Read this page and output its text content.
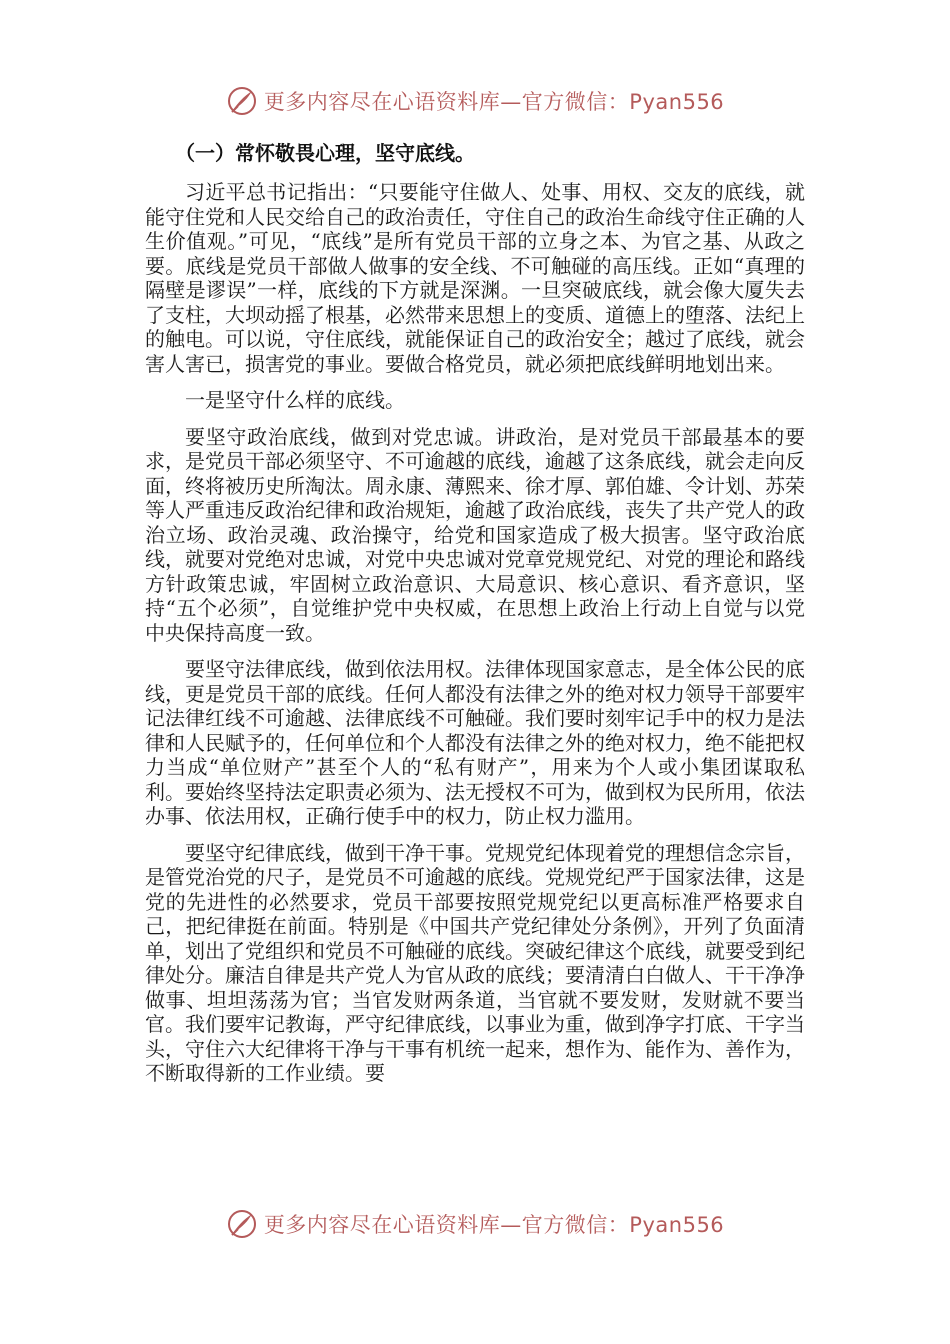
更多内容尽在心语资料库—官方微信：Pyan556
（一）常怀敬畏心理，坚守底线。

习近平总书记指出：“只要能守住做人、处事、用权、交友的底线，就能守住党和人民交给自己的政治责任，守住自己的政治生命线守住正确的人生价值观。”可见，“底线”是所有党员干部的立身之本、为官之基、从政之要。底线是党员干部做人做事的安全线、不可触碰的高压线。正如“真理的隔壁是谬误”一样，底线的下方就是深渊。一旦突破底线，就会像大厦失去了支柱，大坝动摇了根基，必然带来思想上的变质、道德上的堕落、法纪上的触电。可以说，守住底线，就能保证自己的政治安全；越过了底线，就会害人害已，损害党的事业。要做合格党员，就必须把底线鲜明地划出来。

一是坚守什么样的底线。

要坚守政治底线，做到对党忠诚。讲政治，是对党员干部最基本的要求，是党员干部必须坚守、不可逾越的底线，逾越了这条底线，就会走向反面，终将被历史所淘汰。周永康、薄熙来、徐才厚、郭伯雄、令计划、苏荣等人严重违反政治纪律和政治规矩，逾越了政治底线，丧失了共产党人的政治立场、政治灵魂、政治操守，给党和国家造成了极大损害。坚守政治底线，就要对党绝对忠诚，对党中央忠诚对党章党规党纪、对党的理论和路线方针政策忠诚，牢固树立政治意识、大局意识、核心意识、看齐意识，坚持“五个必须”，自觉维护党中央权威，在思想上政治上行动上自觉与以党中央保持高度一致。

要坚守法律底线，做到依法用权。法律体现国家意志，是全体公民的底线，更是党员干部的底线。任何人都没有法律之外的绝对权力领导干部要牢记法律红线不可逾越、法律底线不可触碰。我们要时刻牢记手中的权力是法律和人民赋予的，任何单位和个人都没有法律之外的绝对权力，绝不能把权力当成“单位财产”甚至个人的“私有财产”，用来为个人或小集团谋取私利。要始终坚持法定职责必须为、法无授权不可为，做到权为民所用，依法办事、依法用权，正确行使手中的权力，防止权力滥用。

要坚守纪律底线，做到干净干事。党规党纪体现着党的理想信念宗旨，是管党治党的尺子，是党员不可逾越的底线。党规党纪严于国家法律，这是党的先进性的必然要求，党员干部要按照党规党纪以更高标准严格要求自己，把纪律挺在前面。特别是《中国共产党纪律处分条例》，开列了负面清单，划出了党组织和党员不可触碰的底线。突破纪律这个底线，就要受到纪律处分。廉洁自律是共产党人为官从政的底线；要清清白白做人、干干净净做事、坦坦荡荡为官；当官发财两条道，当官就不要发财，发财就不要当官。我们要牢记教诲，严守纪律底线，以事业为重，做到净字打底、干字当头，守住六大纪律将干净与干事有机统一起来，想作为、能作为、善作为，不断取得新的工作业绩。要

更多内容尽在心语资料库—官方微信：Pyan556
